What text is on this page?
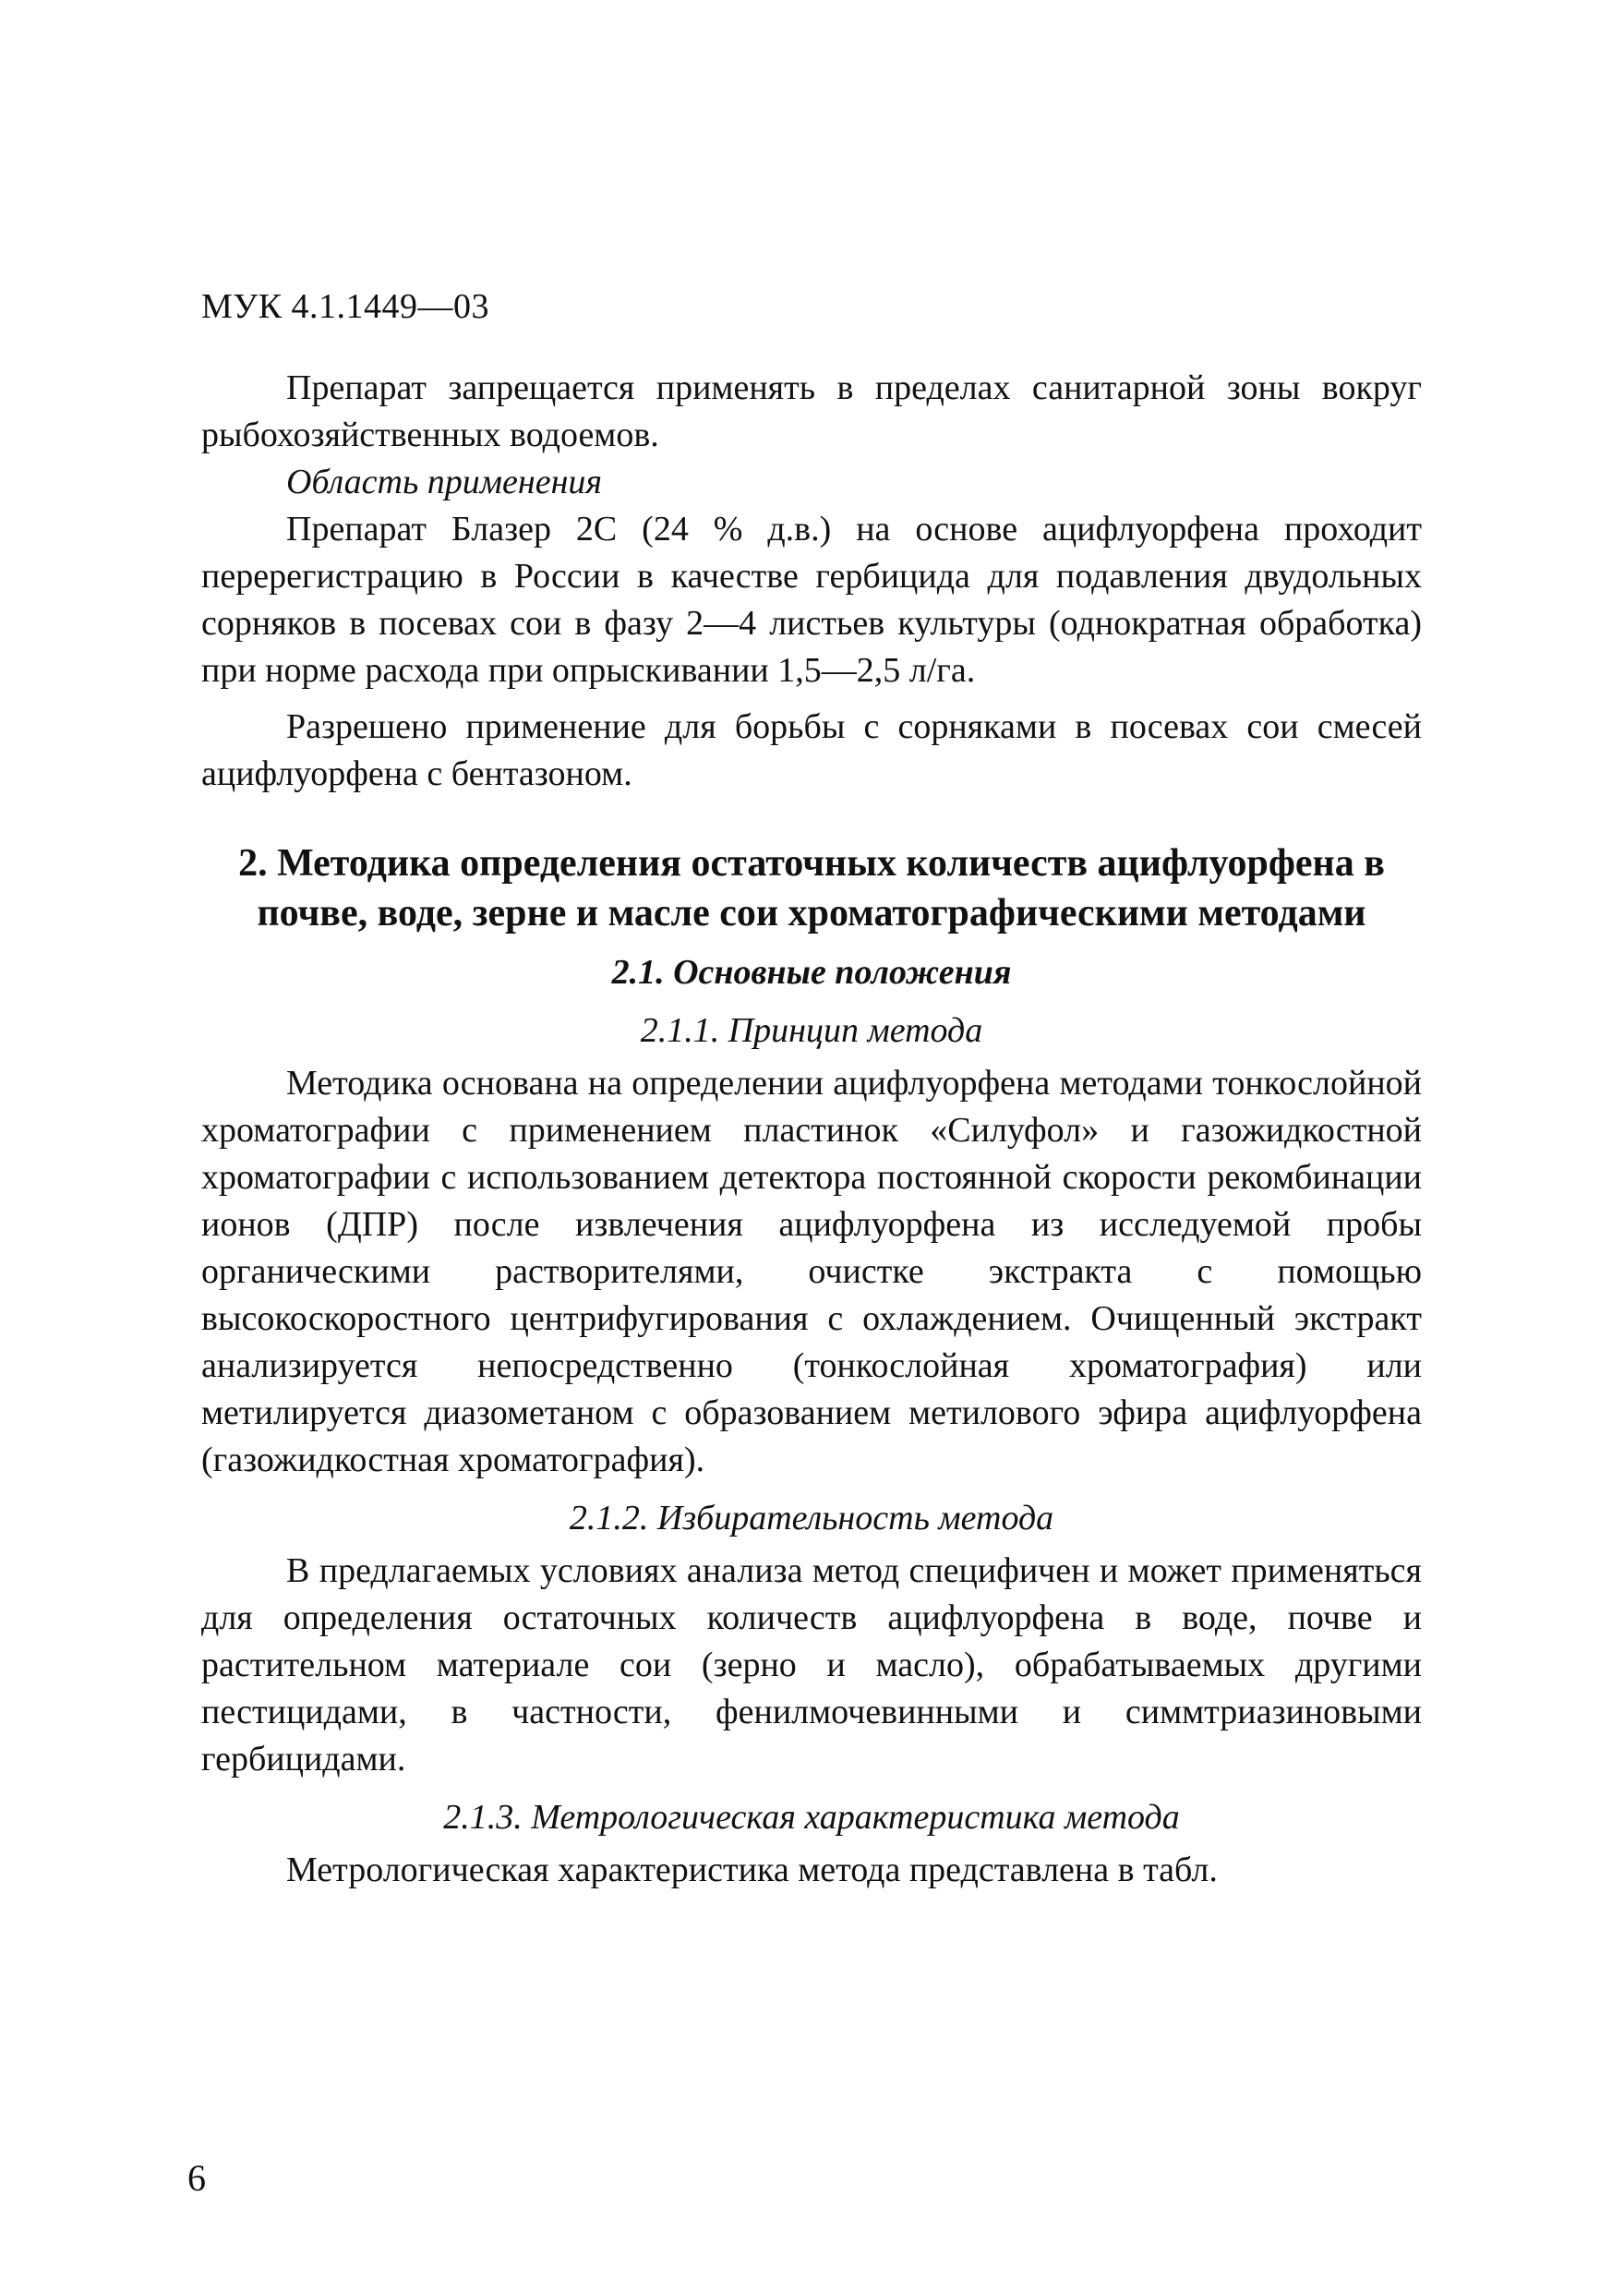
МУК 4.1.1449—03

Препарат запрещается применять в пределах санитарной зоны вокруг рыбохозяйственных водоемов.

Область применения

Препарат Блазер 2С (24 % д.в.) на основе ацифлуорфена проходит перерегистрацию в России в качестве гербицида для подавления двудольных сорняков в посевах сои в фазу 2—4 листьев культуры (однократная обработка) при норме расхода при опрыскивании 1,5—2,5 л/га.

Разрешено применение для борьбы с сорняками в посевах сои смесей ацифлуорфена с бентазоном.

2. Методика определения остаточных количеств ацифлуорфена в почве, воде, зерне и масле сои хроматографическими методами
2.1. Основные положения
2.1.1. Принцип метода

Методика основана на определении ацифлуорфена методами тонкослойной хроматографии с применением пластинок «Силуфол» и газожидкостной хроматографии с использованием детектора постоянной скорости рекомбинации ионов (ДПР) после извлечения ацифлуорфена из исследуемой пробы органическими растворителями, очистке экстракта с помощью высокоскоростного центрифугирования с охлаждением. Очищенный экстракт анализируется непосредственно (тонкослойная хроматография) или метилируется диазометаном с образованием метилового эфира ацифлуорфена (газожидкостная хроматография).

2.1.2. Избирательность метода

В предлагаемых условиях анализа метод специфичен и может применяться для определения остаточных количеств ацифлуорфена в воде, почве и растительном материале сои (зерно и масло), обрабатываемых другими пестицидами, в частности, фенилмочевинными и симмтриазиновыми гербицидами.

2.1.3. Метрологическая характеристика метода

Метрологическая характеристика метода представлена в табл.

6
